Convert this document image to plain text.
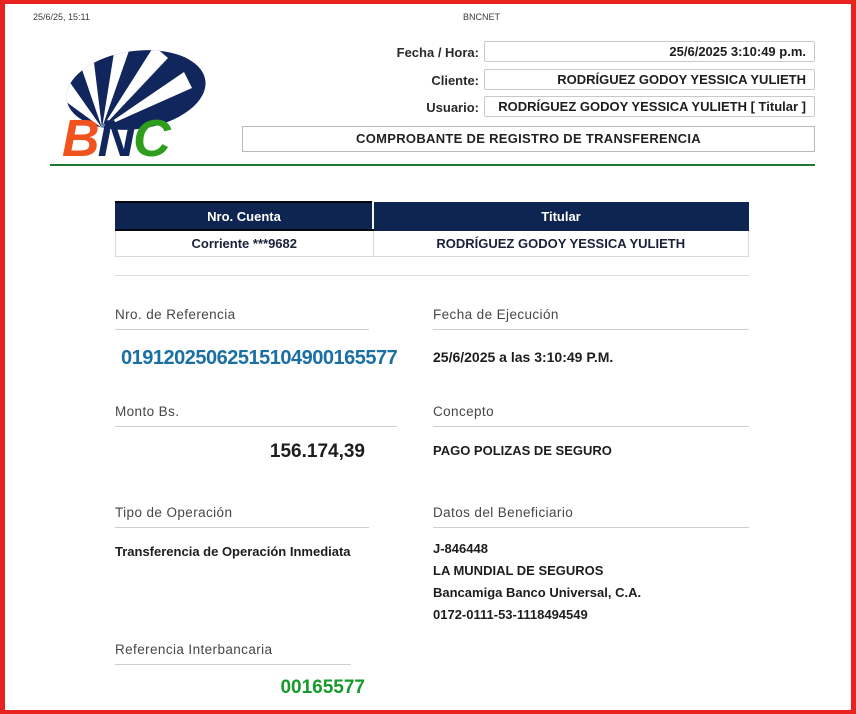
25/6/25, 15:11	BNCNET
BNC
Fecha / Hora:	25/6/2025 3:10:49 p.m.
Cliente:	RODRÍGUEZ GODOY YESSICA YULIETH
Usuario:	RODRÍGUEZ GODOY YESSICA YULIETH [ Titular ]
COMPROBANTE DE REGISTRO DE TRANSFERENCIA
Nro. Cuenta	Titular
Corriente ***9682	RODRÍGUEZ GODOY YESSICA YULIETH
Nro. de Referencia	Fecha de Ejecución
01912025062515104900165577	25/6/2025 a las 3:10:49 P.M.
Monto Bs.	Concepto
156.174,39	PAGO POLIZAS DE SEGURO
Tipo de Operación	Datos del Beneficiario
Transferencia de Operación Inmediata	J-846448
LA MUNDIAL DE SEGUROS
Bancamiga Banco Universal, C.A.
0172-0111-53-1118494549
Referencia Interbancaria
00165577
